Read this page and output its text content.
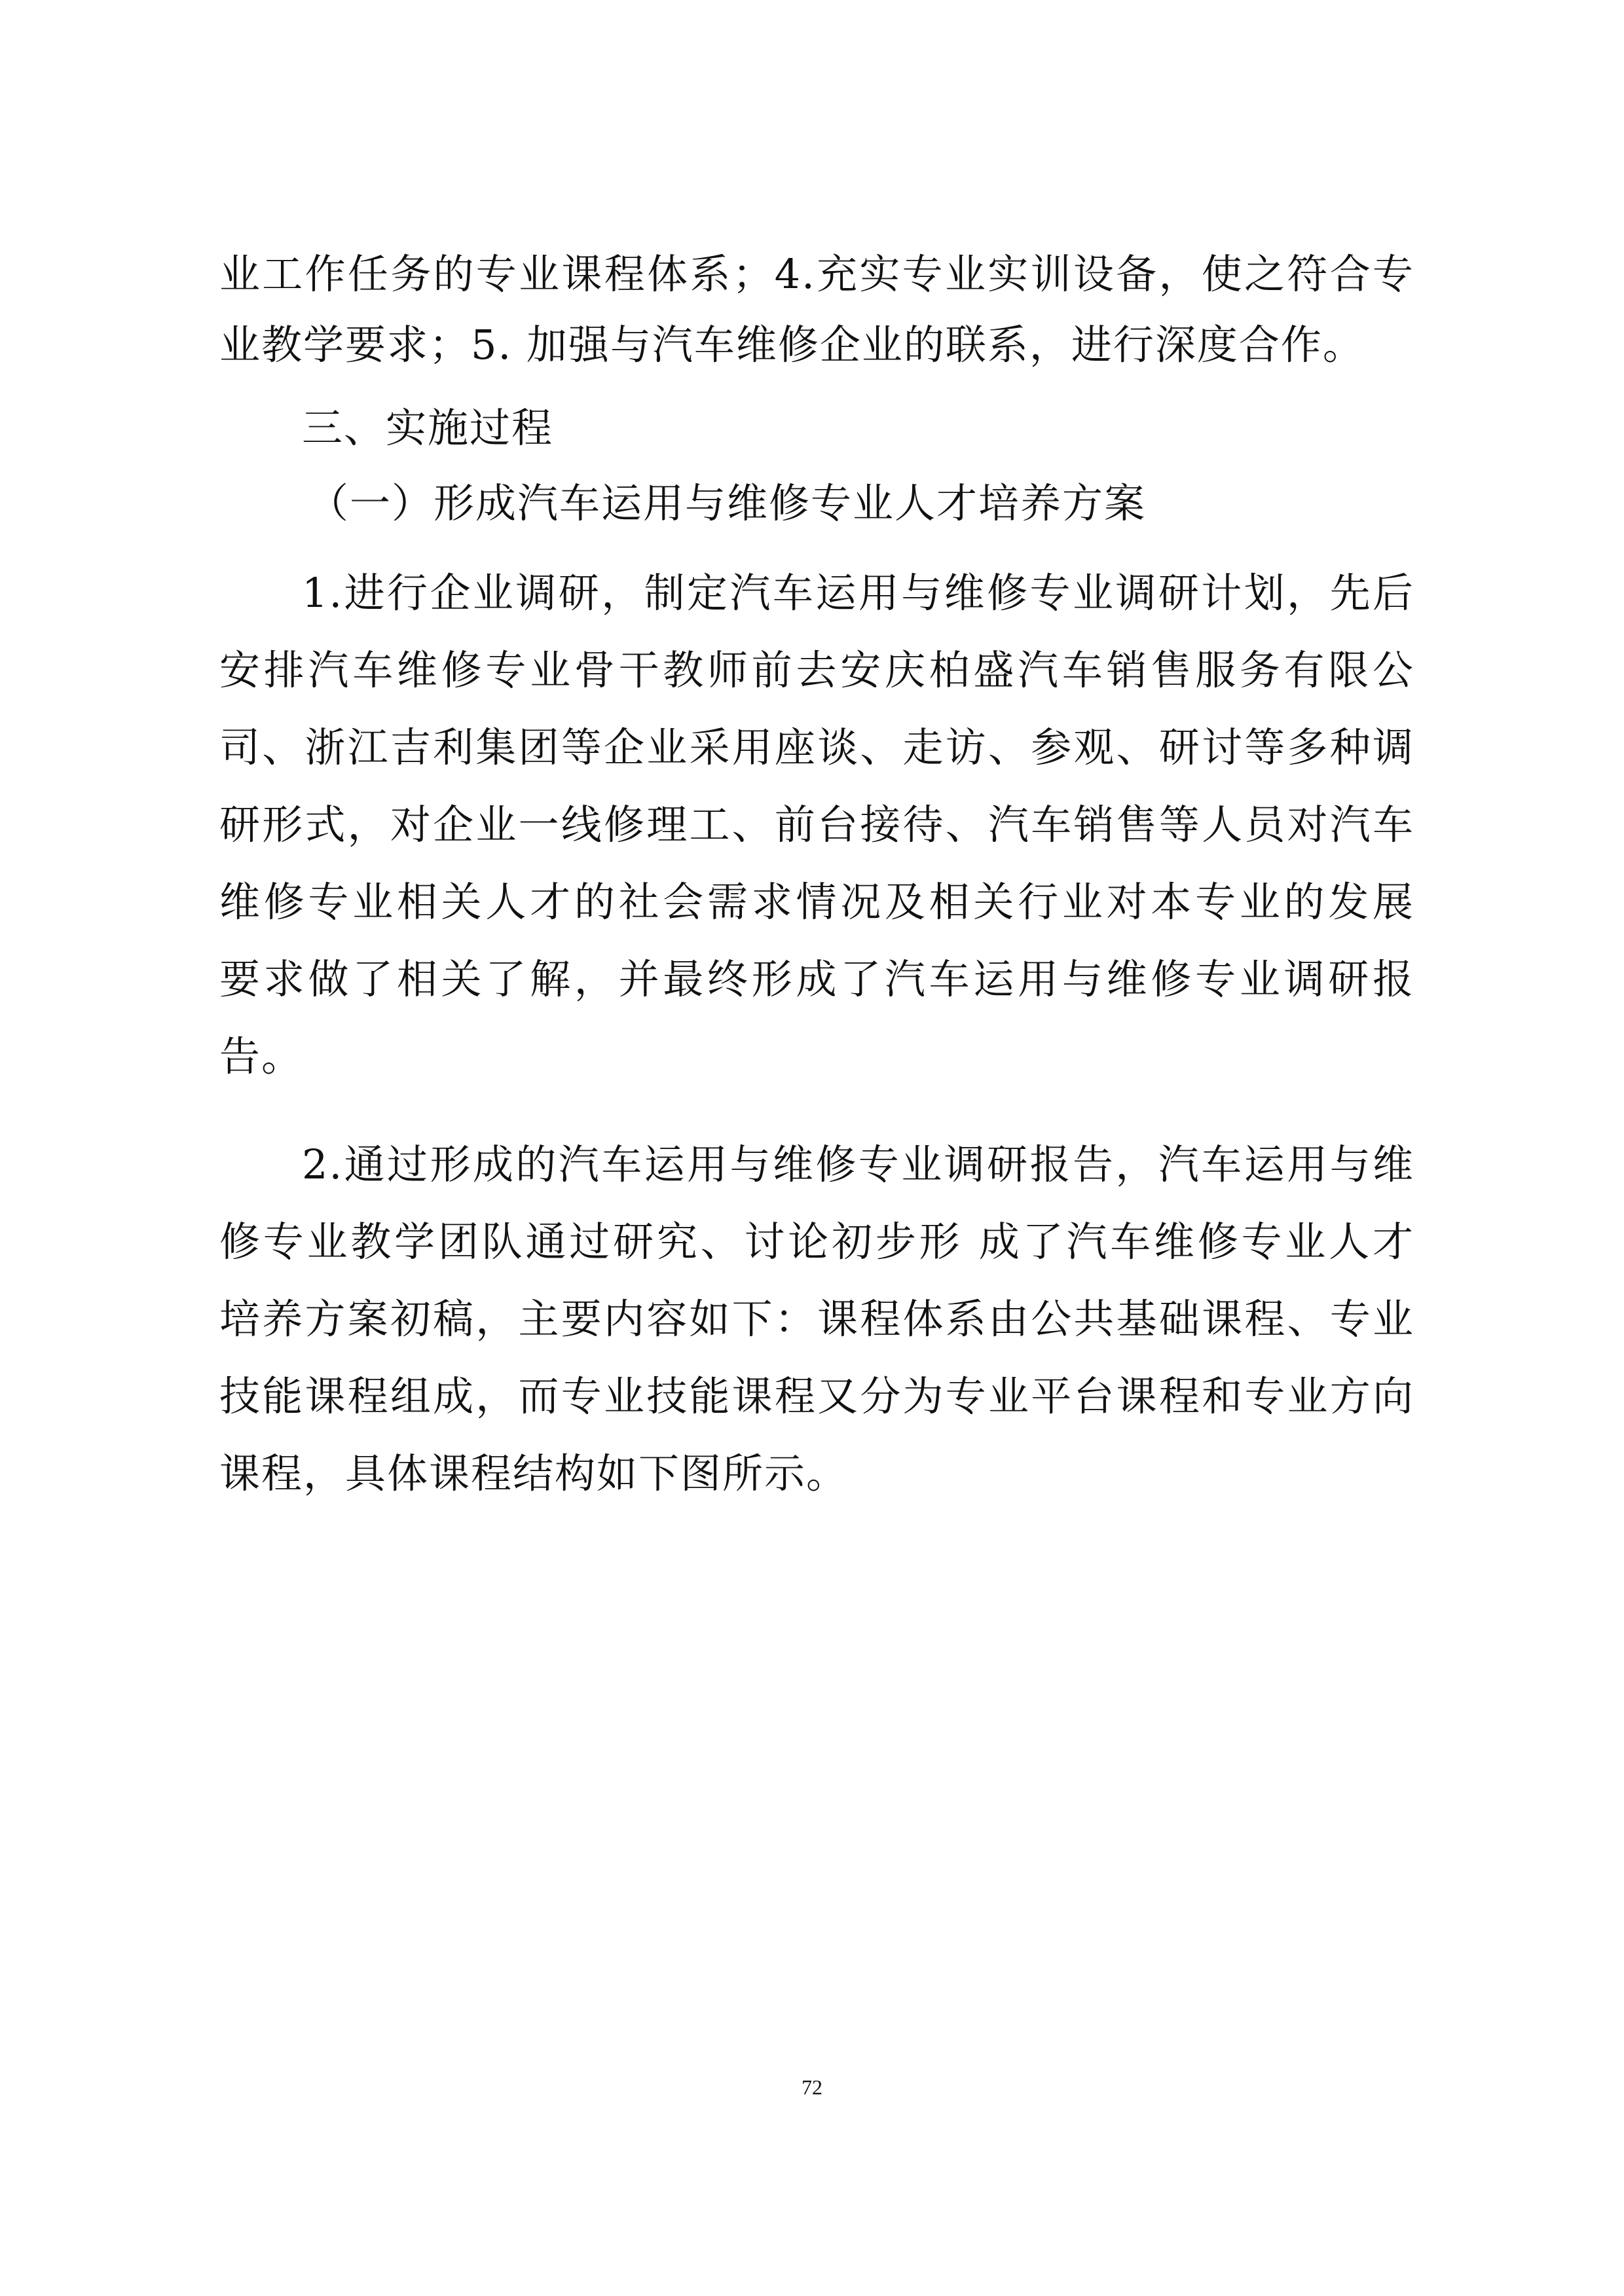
业工作任务的专业课程体系；4.充实专业实训设备，使之符合专
业教学要求；5. 加强与汽车维修企业的联系，进行深度合作。
三、实施过程
（一）形成汽车运用与维修专业人才培养方案
1.进行企业调研，制定汽车运用与维修专业调研计划，先后
安排汽车维修专业骨干教师前去安庆柏盛汽车销售服务有限公
司、浙江吉利集团等企业采用座谈、走访、参观、研讨等多种调
研形式，对企业一线修理工、前台接待、汽车销售等人员对汽车
维修专业相关人才的社会需求情况及相关行业对本专业的发展
要求做了相关了解，并最终形成了汽车运用与维修专业调研报
告。
2.通过形成的汽车运用与维修专业调研报告，汽车运用与维
修专业教学团队通过研究、讨论初步形 成了汽车维修专业人才
培养方案初稿，主要内容如下：课程体系由公共基础课程、专业
技能课程组成，而专业技能课程又分为专业平台课程和专业方向
课程，具体课程结构如下图所示。
72
